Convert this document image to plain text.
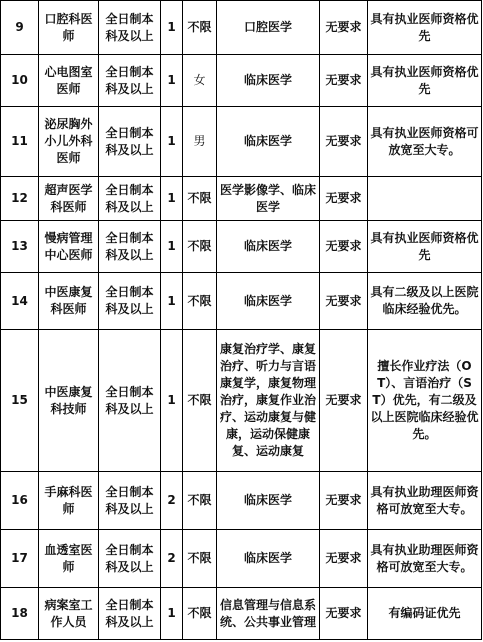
9	口腔科医师	全日制本科及以上	1	不限	口腔医学	无要求	具有执业医师资格优先
10	心电图室医师	全日制本科及以上	1	女	临床医学	无要求	具有执业医师资格优先
11	泌尿胸外小儿外科医师	全日制本科及以上	1	男	临床医学	无要求	具有执业医师资格可放宽至大专。
12	超声医学科医师	全日制本科及以上	1	不限	医学影像学、临床医学	无要求	
13	慢病管理中心医师	全日制本科及以上	1	不限	临床医学	无要求	具有执业医师资格优先
14	中医康复科医师	全日制本科及以上	1	不限	临床医学	无要求	具有二级及以上医院临床经验优先。
15	中医康复科技师	全日制本科及以上	1	不限	康复治疗学、康复治疗、听力与言语康复学，康复物理治疗，康复作业治疗、运动康复与健康，运动保健康复、运动康复	无要求	擅长作业疗法（OT）、言语治疗（ST）优先，有二级及以上医院临床经验优先。
16	手麻科医师	全日制本科及以上	2	不限	临床医学	无要求	具有执业助理医师资格可放宽至大专。
17	血透室医师	全日制本科及以上	2	不限	临床医学	无要求	具有执业助理医师资格可放宽至大专。
18	病案室工作人员	全日制本科及以上	1	不限	信息管理与信息系统、公共事业管理	无要求	有编码证优先
